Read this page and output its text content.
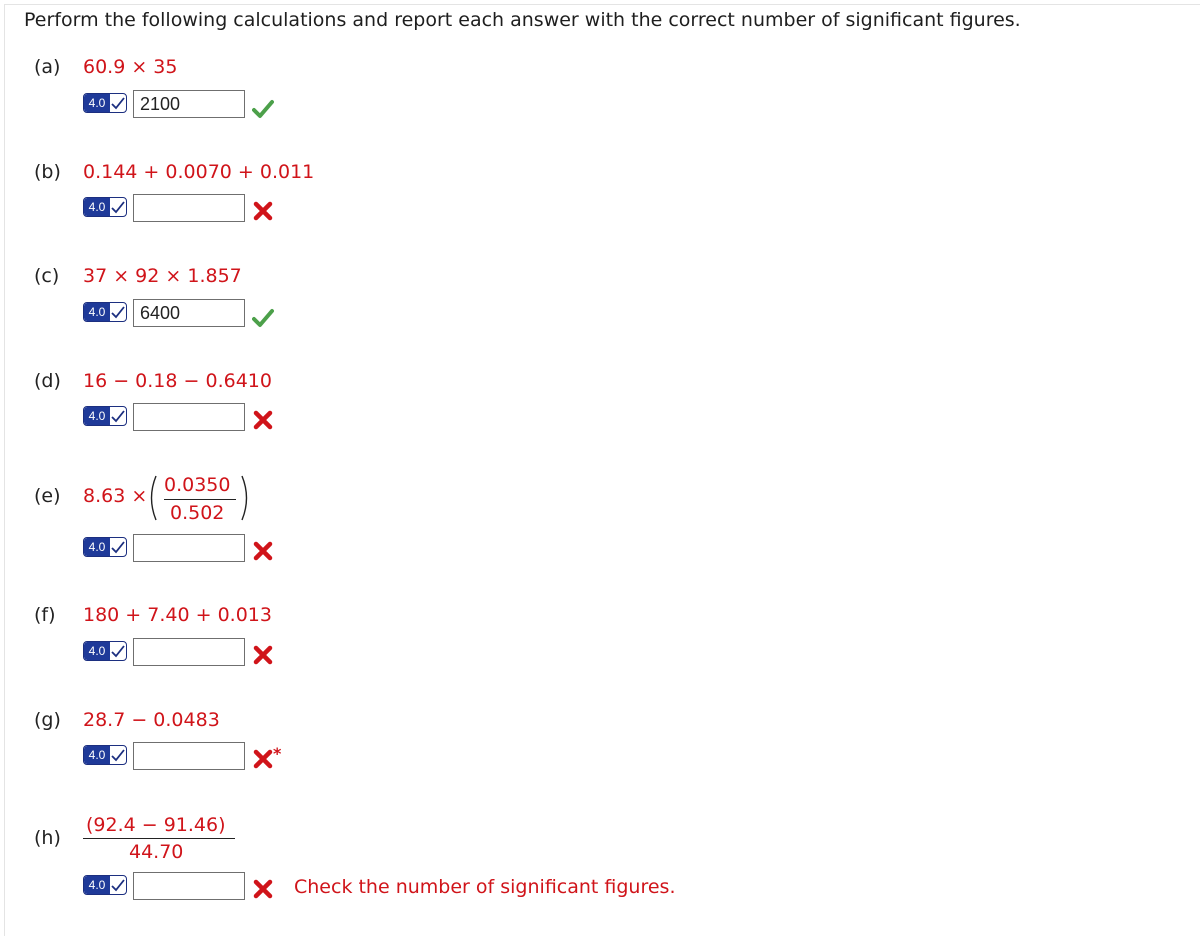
Perform the following calculations and report each answer with the correct number of significant figures.
(a) 60.9 × 35
4.0
2100
(b) 0.144 + 0.0070 + 0.011
4.0
(c) 37 × 92 × 1.857
4.0
6400
(d) 16 − 0.18 − 0.6410
4.0
(e) 8.63 × 0.0350
0.502
4.0
(f) 180 + 7.40 + 0.013
4.0
(g) 28.7 − 0.0483
4.0	*
(h)
(92.4 − 91.46)
44.70
4.0	Check the number of significant figures.
